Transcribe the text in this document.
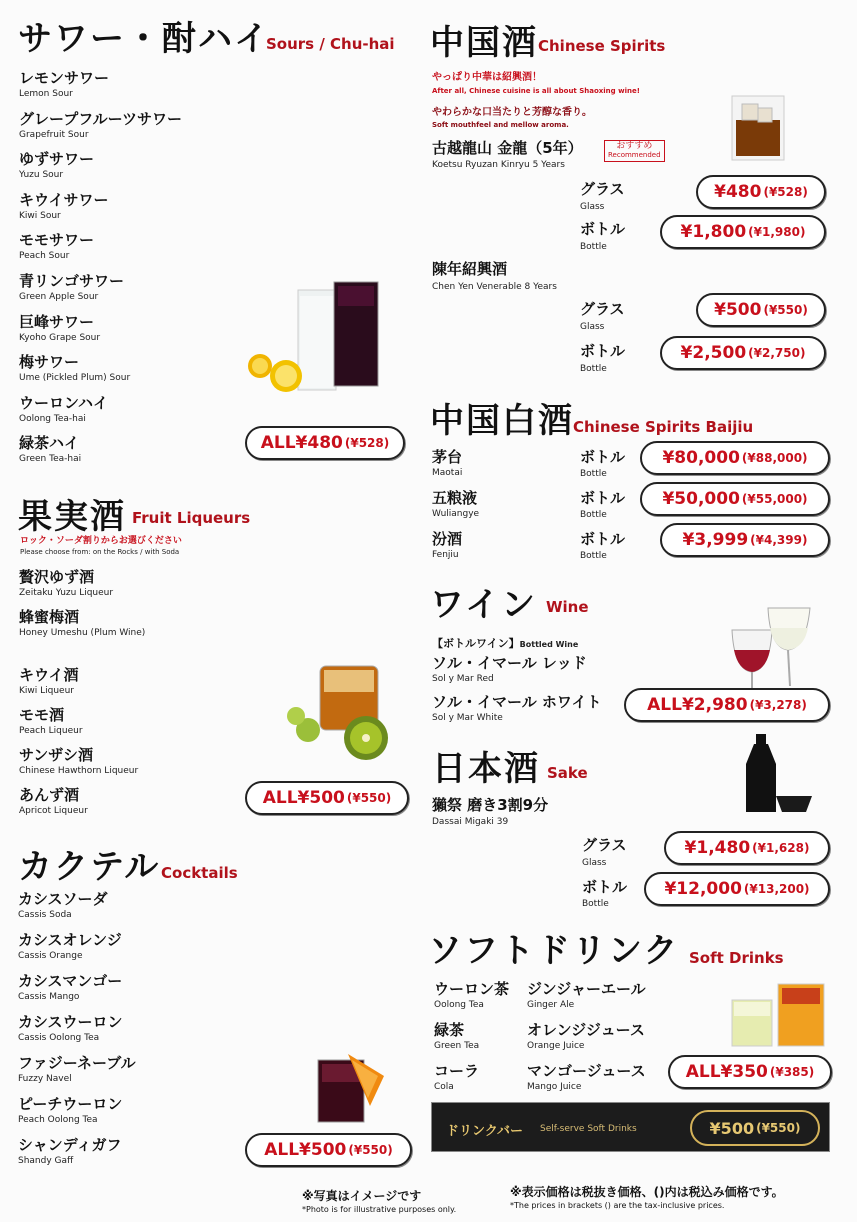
サワー・酎ハイ
Sours / Chu-hai
レモンサワー
Lemon Sour
グレープフルーツサワー
Grapefruit Sour
ゆずサワー
Yuzu Sour
キウイサワー
Kiwi Sour
モモサワー
Peach Sour
青リンゴサワー
Green Apple Sour
巨峰サワー
Kyoho Grape Sour
梅サワー
Ume (Pickled Plum) Sour
ウーロンハイ
Oolong Tea-hai
緑茶ハイ
Green Tea-hai
ALL¥480 (¥528)
果実酒 Fruit Liqueurs
ロック・ソーダ割りからお選びください
Please choose from: on the Rocks / with Soda
贅沢ゆず酒
Zeitaku Yuzu Liqueur
蜂蜜梅酒
Honey Umeshu (Plum Wine)
キウイ酒
Kiwi Liqueur
モモ酒
Peach Liqueur
サンザシ酒
Chinese Hawthorn Liqueur
あんず酒
Apricot Liqueur
ALL¥500 (¥550)
カクテル Cocktails
カシスソーダ
Cassis Soda
カシスオレンジ
Cassis Orange
カシスマンゴー
Cassis Mango
カシスウーロン
Cassis Oolong Tea
ファジーネーブル
Fuzzy Navel
ピーチウーロン
Peach Oolong Tea
シャンディガフ
Shandy Gaff
ALL¥500 (¥550)
中国酒 Chinese Spirits
やっぱり中華は紹興酒！
After all, Chinese cuisine is all about Shaoxing wine!
やわらかな口当たりと芳醇な香り。
Soft mouthfeel and mellow aroma.
古越龍山 金龍（5年）
Koetsu Ryuzan Kinryu 5 Years
おすすめ
Recommended
グラス
Glass
¥480 (¥528)
ボトル
Bottle
¥1,800 (¥1,980)
陳年紹興酒
Chen Yen Venerable 8 Years
グラス
Glass
¥500 (¥550)
ボトル
Bottle
¥2,500 (¥2,750)
中国白酒 Chinese Spirits Baijiu
茅台
Maotai
ボトル
Bottle
¥80,000 (¥88,000)
五粮液
Wuliangye
ボトル
Bottle
¥50,000 (¥55,000)
汾酒
Fenjiu
ボトル
Bottle
¥3,999 (¥4,399)
ワイン Wine
【ボトルワイン】Bottled Wine
ソル・イマール レッド
Sol y Mar Red
ソル・イマール ホワイト
Sol y Mar White
ALL¥2,980 (¥3,278)
日本酒 Sake
獺祭 磨き3割9分
Dassai Migaki 39
グラス
Glass
¥1,480 (¥1,628)
ボトル
Bottle
¥12,000 (¥13,200)
ソフトドリンク Soft Drinks
ウーロン茶
Oolong Tea
緑茶
Green Tea
コーラ
Cola
ジンジャーエール
Ginger Ale
オレンジジュース
Orange Juice
マンゴージュース
Mango Juice
ALL¥350 (¥385)
ドリンクバー Self-serve Soft Drinks	¥500 (¥550)
※写真はイメージです
*Photo is for illustrative purposes only.
※表示価格は税抜き価格、()内は税込み価格です。
*The prices in brackets () are the tax-inclusive prices.
